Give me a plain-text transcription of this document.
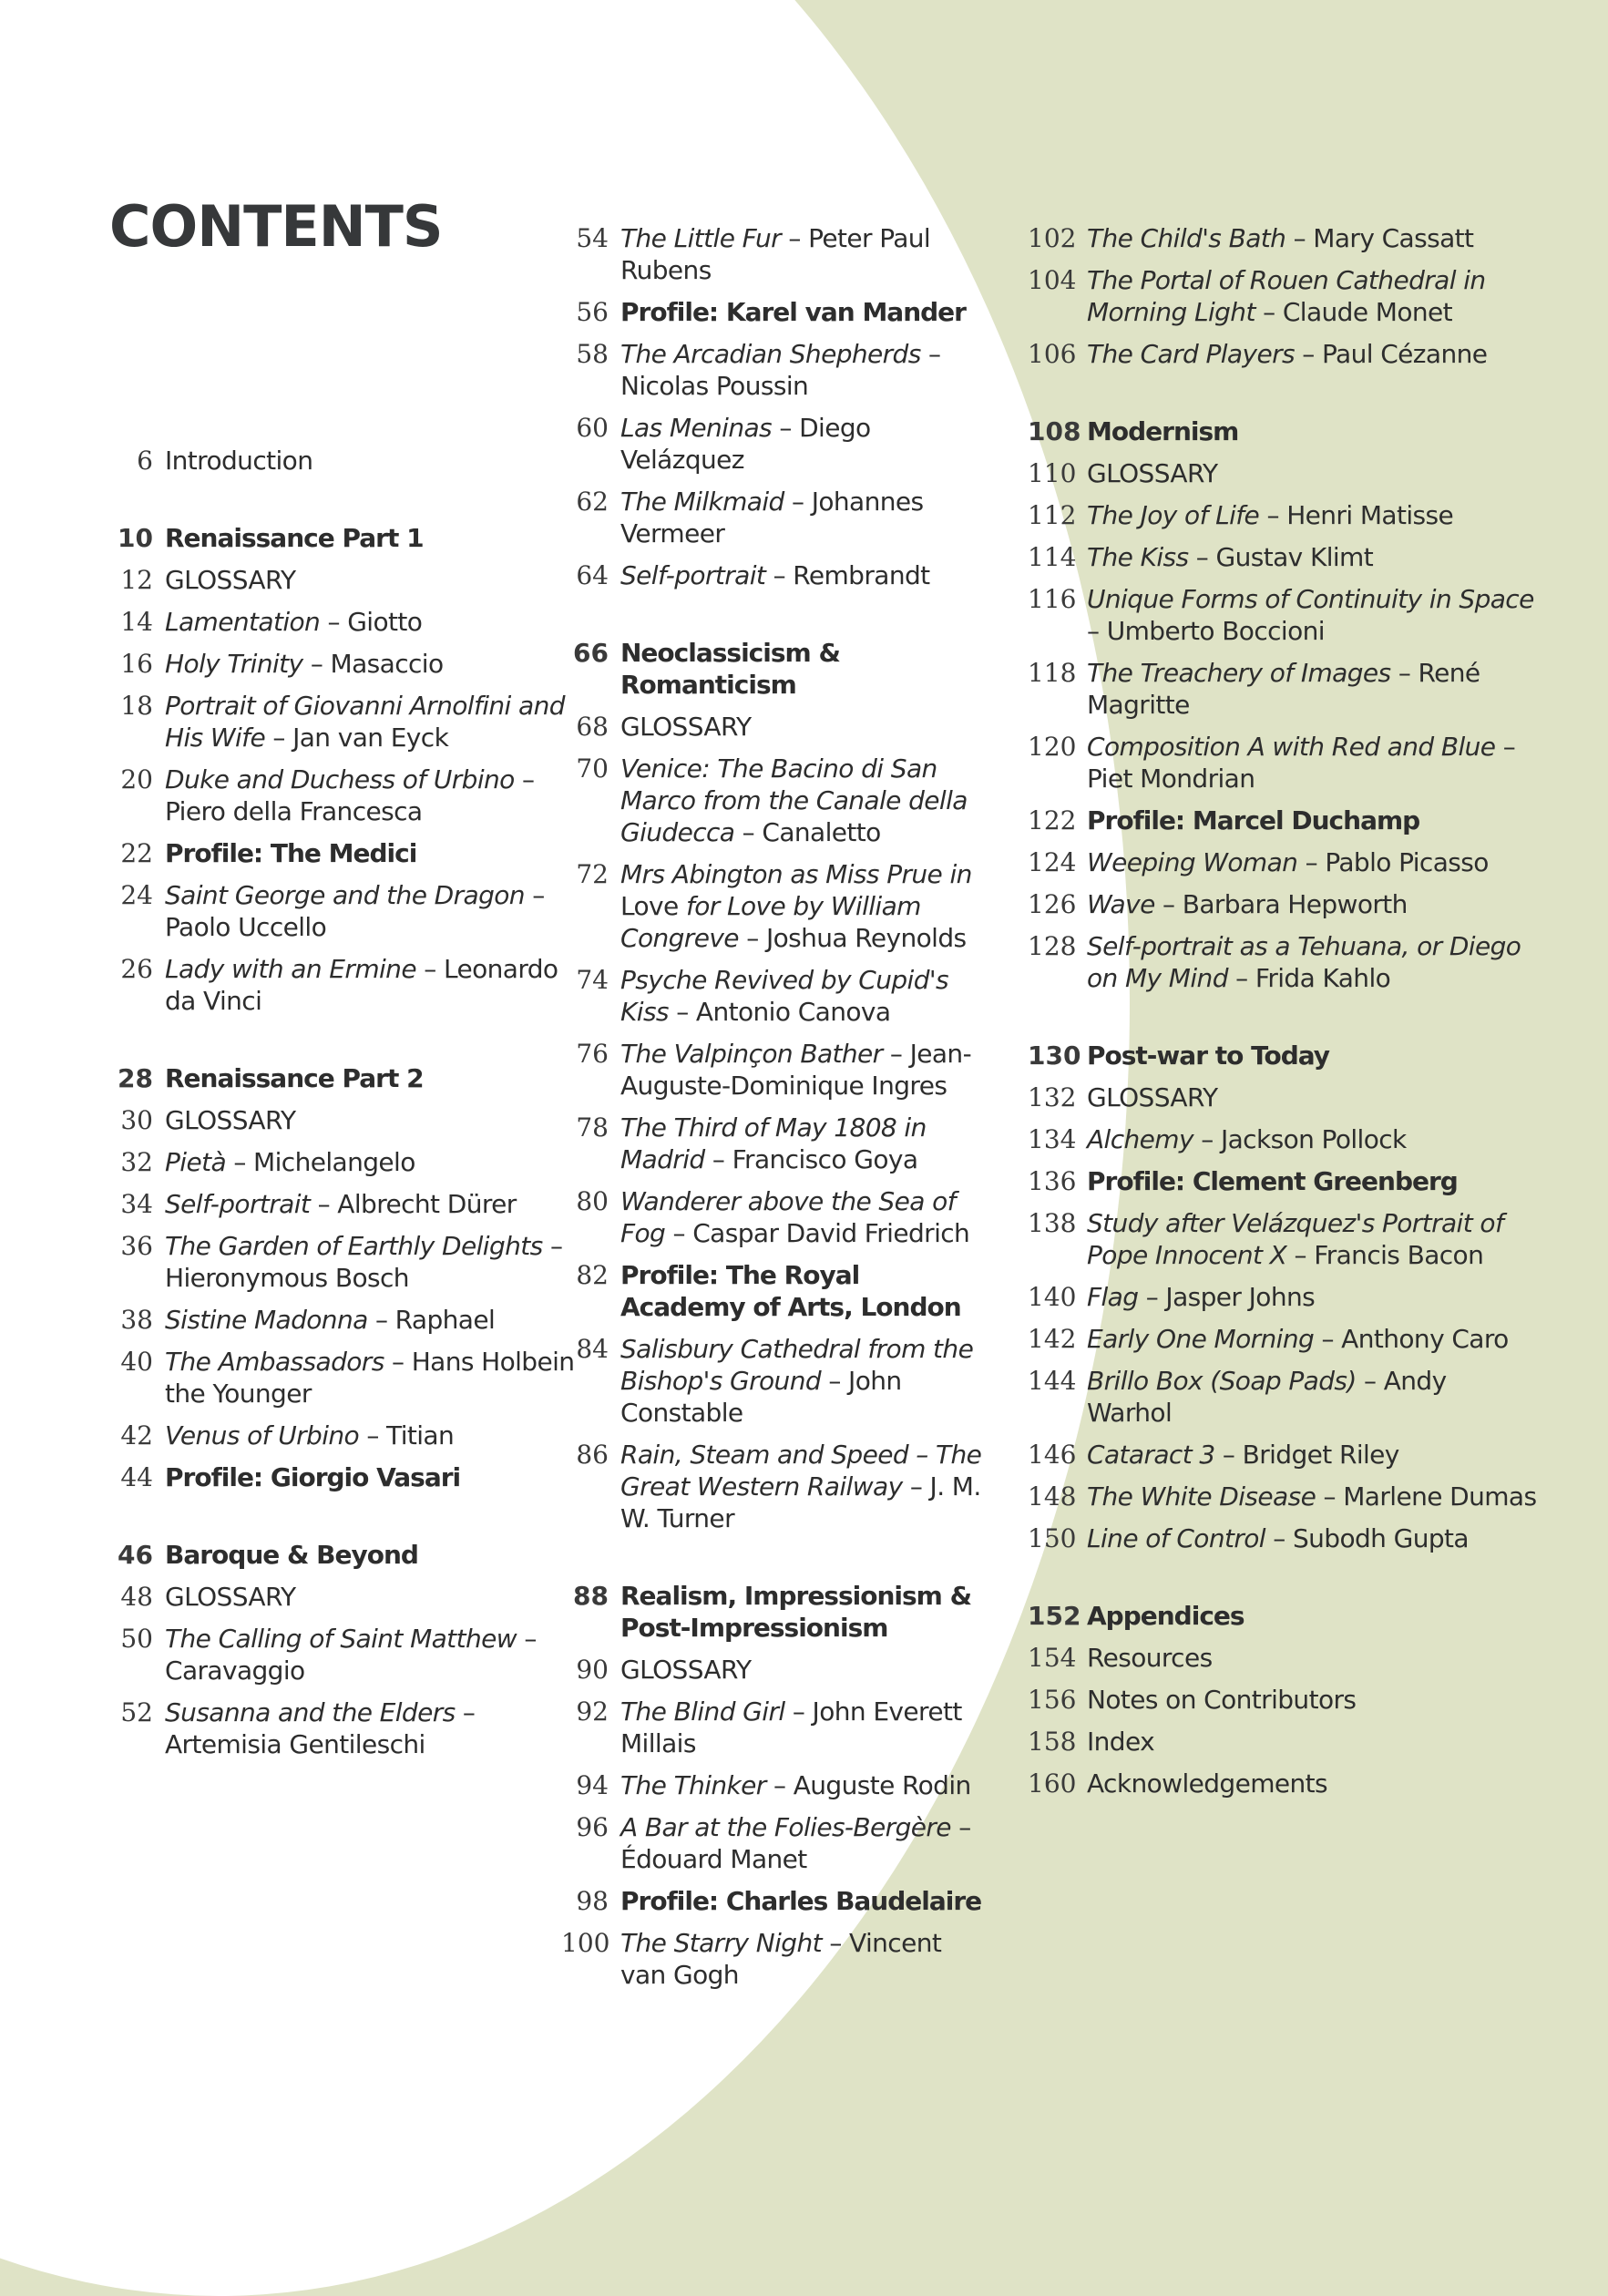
CONTENTS
6 Introduction
10 Renaissance Part 1
12 GLOSSARY
14 Lamentation – Giotto
16 Holy Trinity – Masaccio
18 Portrait of Giovanni Arnolfini and His Wife – Jan van Eyck
20 Duke and Duchess of Urbino – Piero della Francesca
22 Profile: The Medici
24 Saint George and the Dragon – Paolo Uccello
26 Lady with an Ermine – Leonardo da Vinci
28 Renaissance Part 2
30 GLOSSARY
32 Pietà – Michelangelo
34 Self-portrait – Albrecht Dürer
36 The Garden of Earthly Delights – Hieronymous Bosch
38 Sistine Madonna – Raphael
40 The Ambassadors – Hans Holbein the Younger
42 Venus of Urbino – Titian
44 Profile: Giorgio Vasari
46 Baroque & Beyond
48 GLOSSARY
50 The Calling of Saint Matthew – Caravaggio
52 Susanna and the Elders – Artemisia Gentileschi
54 The Little Fur – Peter Paul Rubens
56 Profile: Karel van Mander
58 The Arcadian Shepherds – Nicolas Poussin
60 Las Meninas – Diego Velázquez
62 The Milkmaid – Johannes Vermeer
64 Self-portrait – Rembrandt
66 Neoclassicism & Romanticism
68 GLOSSARY
70 Venice: The Bacino di San Marco from the Canale della Giudecca – Canaletto
72 Mrs Abington as Miss Prue in Love for Love by William Congreve – Joshua Reynolds
74 Psyche Revived by Cupid's Kiss – Antonio Canova
76 The Valpinçon Bather – Jean-Auguste-Dominique Ingres
78 The Third of May 1808 in Madrid – Francisco Goya
80 Wanderer above the Sea of Fog – Caspar David Friedrich
82 Profile: The Royal Academy of Arts, London
84 Salisbury Cathedral from the Bishop's Ground – John Constable
86 Rain, Steam and Speed – The Great Western Railway – J. M. W. Turner
88 Realism, Impressionism & Post-Impressionism
90 GLOSSARY
92 The Blind Girl – John Everett Millais
94 The Thinker – Auguste Rodin
96 A Bar at the Folies-Bergère – Édouard Manet
98 Profile: Charles Baudelaire
100 The Starry Night – Vincent van Gogh
102 The Child's Bath – Mary Cassatt
104 The Portal of Rouen Cathedral in Morning Light – Claude Monet
106 The Card Players – Paul Cézanne
108 Modernism
110 GLOSSARY
112 The Joy of Life – Henri Matisse
114 The Kiss – Gustav Klimt
116 Unique Forms of Continuity in Space – Umberto Boccioni
118 The Treachery of Images – René Magritte
120 Composition A with Red and Blue – Piet Mondrian
122 Profile: Marcel Duchamp
124 Weeping Woman – Pablo Picasso
126 Wave – Barbara Hepworth
128 Self-portrait as a Tehuana, or Diego on My Mind – Frida Kahlo
130 Post-war to Today
132 GLOSSARY
134 Alchemy – Jackson Pollock
136 Profile: Clement Greenberg
138 Study after Velázquez's Portrait of Pope Innocent X – Francis Bacon
140 Flag – Jasper Johns
142 Early One Morning – Anthony Caro
144 Brillo Box (Soap Pads) – Andy Warhol
146 Cataract 3 – Bridget Riley
148 The White Disease – Marlene Dumas
150 Line of Control – Subodh Gupta
152 Appendices
154 Resources
156 Notes on Contributors
158 Index
160 Acknowledgements
